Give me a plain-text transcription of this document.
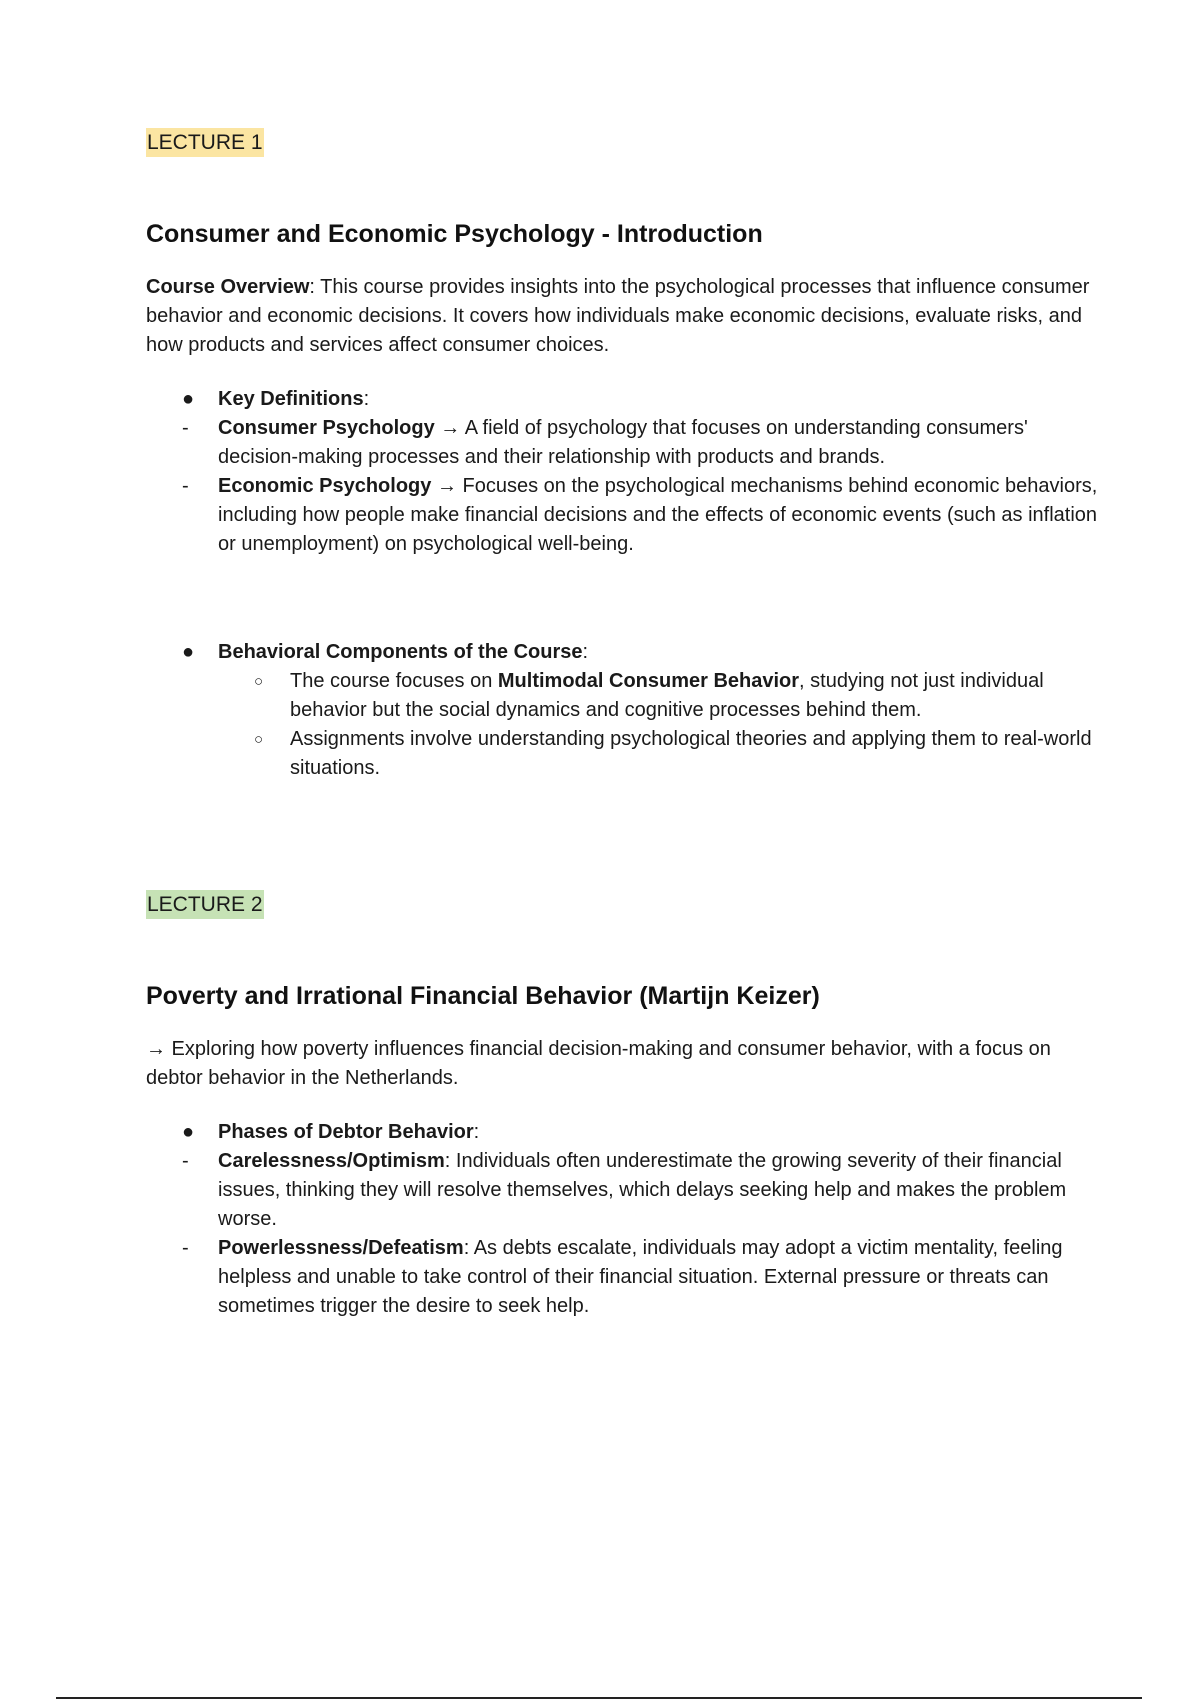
LECTURE 1
Consumer and Economic Psychology - Introduction

Course Overview: This course provides insights into the psychological processes that influence consumer behavior and economic decisions. It covers how individuals make economic decisions, evaluate risks, and how products and services affect consumer choices.

● Key Definitions:
- Consumer Psychology → A field of psychology that focuses on understanding consumers' decision-making processes and their relationship with products and brands.
- Economic Psychology → Focuses on the psychological mechanisms behind economic behaviors, including how people make financial decisions and the effects of economic events (such as inflation or unemployment) on psychological well-being.
● Behavioral Components of the Course:
○ The course focuses on Multimodal Consumer Behavior, studying not just individual behavior but the social dynamics and cognitive processes behind them.
○ Assignments involve understanding psychological theories and applying them to real-world situations.
LECTURE 2
Poverty and Irrational Financial Behavior (Martijn Keizer)

→ Exploring how poverty influences financial decision-making and consumer behavior, with a focus on debtor behavior in the Netherlands.

● Phases of Debtor Behavior:
- Carelessness/Optimism: Individuals often underestimate the growing severity of their financial issues, thinking they will resolve themselves, which delays seeking help and makes the problem worse.
- Powerlessness/Defeatism: As debts escalate, individuals may adopt a victim mentality, feeling helpless and unable to take control of their financial situation. External pressure or threats can sometimes trigger the desire to seek help.
